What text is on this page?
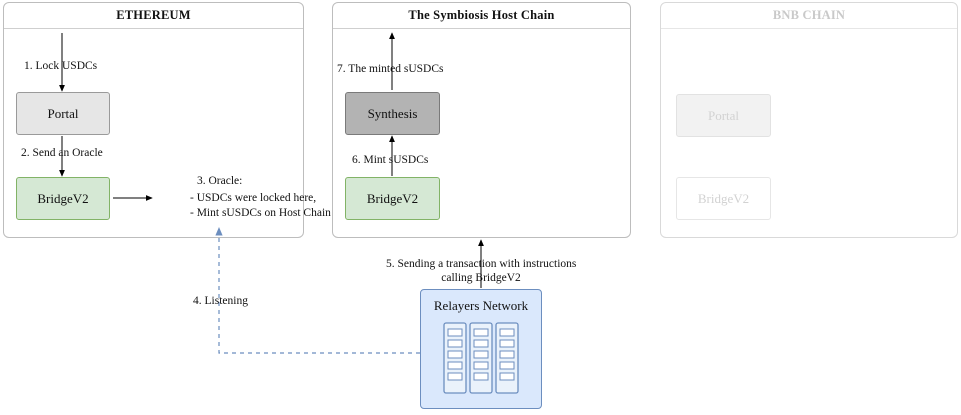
ETHEREUM	The Symbiosis Host Chain	BNB CHAIN
Portal
BridgeV2
Synthesis
BridgeV2
Portal
BridgeV2
Relayers Network
1. Lock USDCs
2. Send an Oracle
3. Oracle:
- USDCs were locked here,
- Mint sUSDCs on Host Chain
4. Listening
5. Sending a transaction with instructions
calling BridgeV2
6. Mint sUSDCs
7. The minted sUSDCs
